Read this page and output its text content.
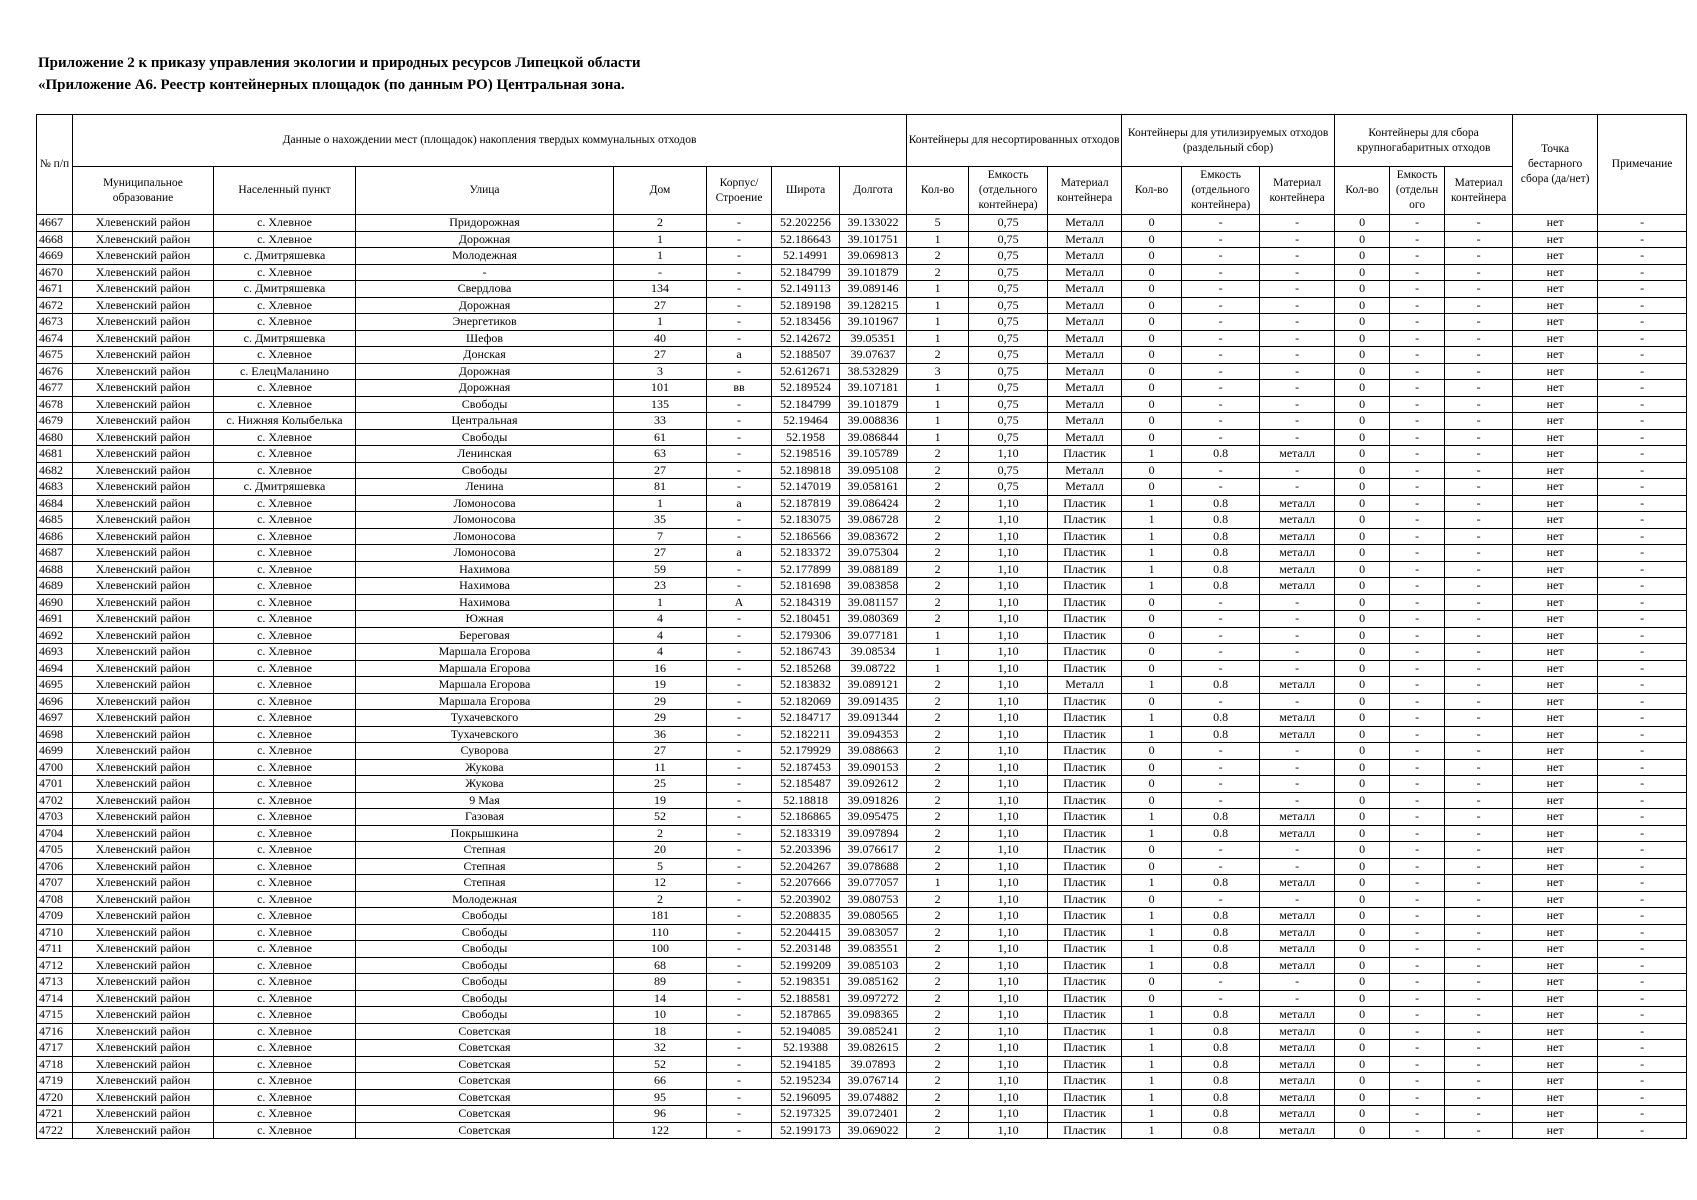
Приложение 2 к приказу управления экологии и природных ресурсов Липецкой области
«Приложение А6. Реестр контейнерных площадок (по данным РО) Центральная зона.
№ п/п	Данные о нахождении мест (площадок) накопления твердых коммунальных отходов							Контейнеры для несортированных отходов			Контейнеры для утилизируемых отходов (раздельный сбор)			Контейнеры для сбора крупногабаритных отходов			Точка бестарного сбора (да/нет)	Примечание
	Муниципальное образование	Населенный пункт	Улица	Дом	Корпус/ Строение	Широта	Долгота	Кол-во	Емкость (отдельного контейнера)	Материал контейнера	Кол-во	Емкость (отдельного контейнера)	Материал контейнера	Кол-во	Емкость (отдельн ого	Материал контейнера		
4667	Хлевенский район	с. Хлевное	Придорожная	2	-	52.202256	39.133022	5	0,75	Металл	0	-	-	0	-	-	нет	-
4668	Хлевенский район	с. Хлевное	Дорожная	1	-	52.186643	39.101751	1	0,75	Металл	0	-	-	0	-	-	нет	-
4669	Хлевенский район	с. Дмитряшевка	Молодежная	1	-	52.14991	39.069813	2	0,75	Металл	0	-	-	0	-	-	нет	-
4670	Хлевенский район	с. Хлевное	-	-	-	52.184799	39.101879	2	0,75	Металл	0	-	-	0	-	-	нет	-
4671	Хлевенский район	с. Дмитряшевка	Свердлова	134	-	52.149113	39.089146	1	0,75	Металл	0	-	-	0	-	-	нет	-
4672	Хлевенский район	с. Хлевное	Дорожная	27	-	52.189198	39.128215	1	0,75	Металл	0	-	-	0	-	-	нет	-
4673	Хлевенский район	с. Хлевное	Энергетиков	1	-	52.183456	39.101967	1	0,75	Металл	0	-	-	0	-	-	нет	-
4674	Хлевенский район	с. Дмитряшевка	Шефов	40	-	52.142672	39.05351	1	0,75	Металл	0	-	-	0	-	-	нет	-
4675	Хлевенский район	с. Хлевное	Донская	27	а	52.188507	39.07637	2	0,75	Металл	0	-	-	0	-	-	нет	-
4676	Хлевенский район	с. ЕлецМаланино	Дорожная	3	-	52.612671	38.532829	3	0,75	Металл	0	-	-	0	-	-	нет	-
4677	Хлевенский район	с. Хлевное	Дорожная	101	вв	52.189524	39.107181	1	0,75	Металл	0	-	-	0	-	-	нет	-
4678	Хлевенский район	с. Хлевное	Свободы	135	-	52.184799	39.101879	1	0,75	Металл	0	-	-	0	-	-	нет	-
4679	Хлевенский район	с. Нижняя Колыбелька	Центральная	33	-	52.19464	39.008836	1	0,75	Металл	0	-	-	0	-	-	нет	-
4680	Хлевенский район	с. Хлевное	Свободы	61	-	52.1958	39.086844	1	0,75	Металл	0	-	-	0	-	-	нет	-
4681	Хлевенский район	с. Хлевное	Ленинская	63	-	52.198516	39.105789	2	1,10	Пластик	1	0.8	металл	0	-	-	нет	-
4682	Хлевенский район	с. Хлевное	Свободы	27	-	52.189818	39.095108	2	0,75	Металл	0	-	-	0	-	-	нет	-
4683	Хлевенский район	с. Дмитряшевка	Ленина	81	-	52.147019	39.058161	2	0,75	Металл	0	-	-	0	-	-	нет	-
4684	Хлевенский район	с. Хлевное	Ломоносова	1	а	52.187819	39.086424	2	1,10	Пластик	1	0.8	металл	0	-	-	нет	-
4685	Хлевенский район	с. Хлевное	Ломоносова	35	-	52.183075	39.086728	2	1,10	Пластик	1	0.8	металл	0	-	-	нет	-
4686	Хлевенский район	с. Хлевное	Ломоносова	7	-	52.186566	39.083672	2	1,10	Пластик	1	0.8	металл	0	-	-	нет	-
4687	Хлевенский район	с. Хлевное	Ломоносова	27	а	52.183372	39.075304	2	1,10	Пластик	1	0.8	металл	0	-	-	нет	-
4688	Хлевенский район	с. Хлевное	Нахимова	59	-	52.177899	39.088189	2	1,10	Пластик	1	0.8	металл	0	-	-	нет	-
4689	Хлевенский район	с. Хлевное	Нахимова	23	-	52.181698	39.083858	2	1,10	Пластик	1	0.8	металл	0	-	-	нет	-
4690	Хлевенский район	с. Хлевное	Нахимова	1	А	52.184319	39.081157	2	1,10	Пластик	0	-	-	0	-	-	нет	-
4691	Хлевенский район	с. Хлевное	Южная	4	-	52.180451	39.080369	2	1,10	Пластик	0	-	-	0	-	-	нет	-
4692	Хлевенский район	с. Хлевное	Береговая	4	-	52.179306	39.077181	1	1,10	Пластик	0	-	-	0	-	-	нет	-
4693	Хлевенский район	с. Хлевное	Маршала Егорова	4	-	52.186743	39.08534	1	1,10	Пластик	0	-	-	0	-	-	нет	-
4694	Хлевенский район	с. Хлевное	Маршала Егорова	16	-	52.185268	39.08722	1	1,10	Пластик	0	-	-	0	-	-	нет	-
4695	Хлевенский район	с. Хлевное	Маршала Егорова	19	-	52.183832	39.089121	2	1,10	Металл	1	0.8	металл	0	-	-	нет	-
4696	Хлевенский район	с. Хлевное	Маршала Егорова	29	-	52.182069	39.091435	2	1,10	Пластик	0	-	-	0	-	-	нет	-
4697	Хлевенский район	с. Хлевное	Тухачевского	29	-	52.184717	39.091344	2	1,10	Пластик	1	0.8	металл	0	-	-	нет	-
4698	Хлевенский район	с. Хлевное	Тухачевского	36	-	52.182211	39.094353	2	1,10	Пластик	1	0.8	металл	0	-	-	нет	-
4699	Хлевенский район	с. Хлевное	Суворова	27	-	52.179929	39.088663	2	1,10	Пластик	0	-	-	0	-	-	нет	-
4700	Хлевенский район	с. Хлевное	Жукова	11	-	52.187453	39.090153	2	1,10	Пластик	0	-	-	0	-	-	нет	-
4701	Хлевенский район	с. Хлевное	Жукова	25	-	52.185487	39.092612	2	1,10	Пластик	0	-	-	0	-	-	нет	-
4702	Хлевенский район	с. Хлевное	9 Мая	19	-	52.18818	39.091826	2	1,10	Пластик	0	-	-	0	-	-	нет	-
4703	Хлевенский район	с. Хлевное	Газовая	52	-	52.186865	39.095475	2	1,10	Пластик	1	0.8	металл	0	-	-	нет	-
4704	Хлевенский район	с. Хлевное	Покрышкина	2	-	52.183319	39.097894	2	1,10	Пластик	1	0.8	металл	0	-	-	нет	-
4705	Хлевенский район	с. Хлевное	Степная	20	-	52.203396	39.076617	2	1,10	Пластик	0	-	-	0	-	-	нет	-
4706	Хлевенский район	с. Хлевное	Степная	5	-	52.204267	39.078688	2	1,10	Пластик	0	-	-	0	-	-	нет	-
4707	Хлевенский район	с. Хлевное	Степная	12	-	52.207666	39.077057	1	1,10	Пластик	1	0.8	металл	0	-	-	нет	-
4708	Хлевенский район	с. Хлевное	Молодежная	2	-	52.203902	39.080753	2	1,10	Пластик	0	-	-	0	-	-	нет	-
4709	Хлевенский район	с. Хлевное	Свободы	181	-	52.208835	39.080565	2	1,10	Пластик	1	0.8	металл	0	-	-	нет	-
4710	Хлевенский район	с. Хлевное	Свободы	110	-	52.204415	39.083057	2	1,10	Пластик	1	0.8	металл	0	-	-	нет	-
4711	Хлевенский район	с. Хлевное	Свободы	100	-	52.203148	39.083551	2	1,10	Пластик	1	0.8	металл	0	-	-	нет	-
4712	Хлевенский район	с. Хлевное	Свободы	68	-	52.199209	39.085103	2	1,10	Пластик	1	0.8	металл	0	-	-	нет	-
4713	Хлевенский район	с. Хлевное	Свободы	89	-	52.198351	39.085162	2	1,10	Пластик	0	-	-	0	-	-	нет	-
4714	Хлевенский район	с. Хлевное	Свободы	14	-	52.188581	39.097272	2	1,10	Пластик	0	-	-	0	-	-	нет	-
4715	Хлевенский район	с. Хлевное	Свободы	10	-	52.187865	39.098365	2	1,10	Пластик	1	0.8	металл	0	-	-	нет	-
4716	Хлевенский район	с. Хлевное	Советская	18	-	52.194085	39.085241	2	1,10	Пластик	1	0.8	металл	0	-	-	нет	-
4717	Хлевенский район	с. Хлевное	Советская	32	-	52.19388	39.082615	2	1,10	Пластик	1	0.8	металл	0	-	-	нет	-
4718	Хлевенский район	с. Хлевное	Советская	52	-	52.194185	39.07893	2	1,10	Пластик	1	0.8	металл	0	-	-	нет	-
4719	Хлевенский район	с. Хлевное	Советская	66	-	52.195234	39.076714	2	1,10	Пластик	1	0.8	металл	0	-	-	нет	-
4720	Хлевенский район	с. Хлевное	Советская	95	-	52.196095	39.074882	2	1,10	Пластик	1	0.8	металл	0	-	-	нет	-
4721	Хлевенский район	с. Хлевное	Советская	96	-	52.197325	39.072401	2	1,10	Пластик	1	0.8	металл	0	-	-	нет	-
4722	Хлевенский район	с. Хлевное	Советская	122	-	52.199173	39.069022	2	1,10	Пластик	1	0.8	металл	0	-	-	нет	-
